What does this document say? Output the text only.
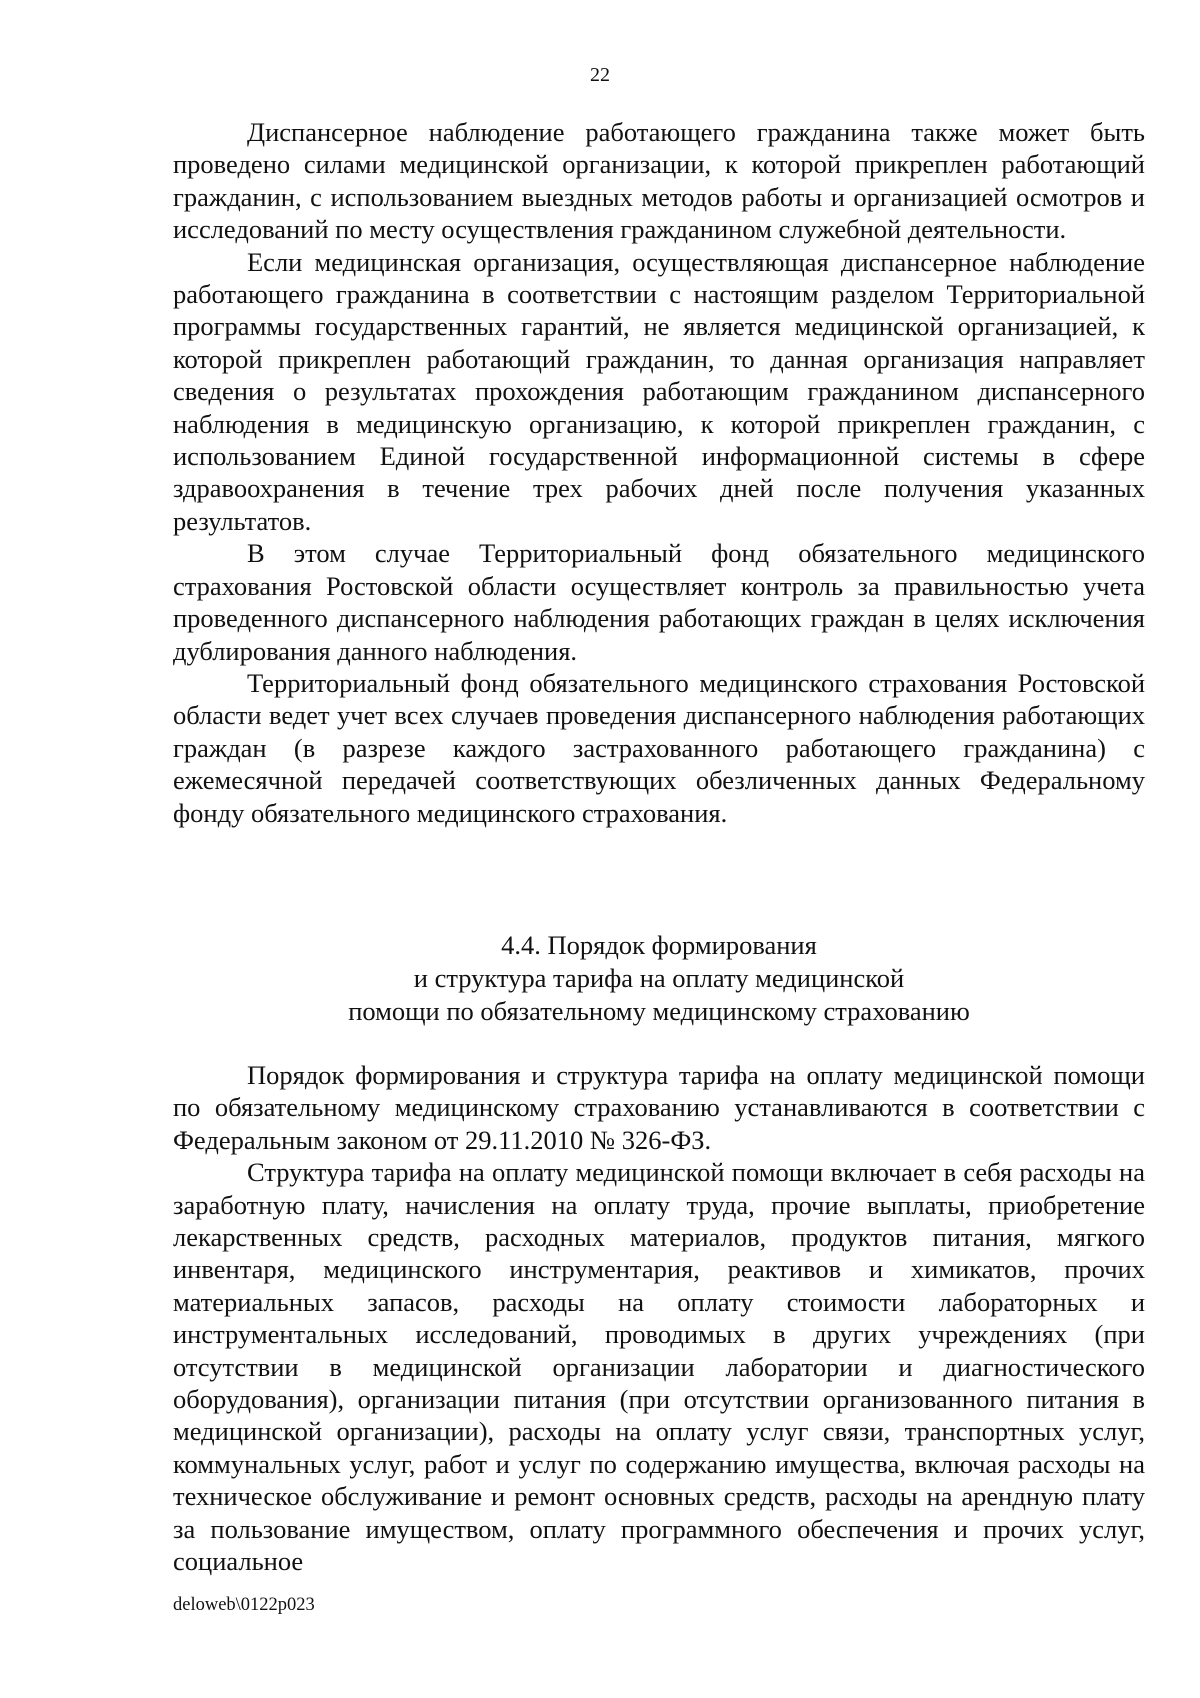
22

Диспансерное наблюдение работающего гражданина также может быть проведено силами медицинской организации, к которой прикреплен работающий гражданин, с использованием выездных методов работы и организацией осмотров и исследований по месту осуществления гражданином служебной деятельности.

Если медицинская организация, осуществляющая диспансерное наблюдение работающего гражданина в соответствии с настоящим разделом Территориальной программы государственных гарантий, не является медицинской организацией, к которой прикреплен работающий гражданин, то данная организация направляет сведения о результатах прохождения работающим гражданином диспансерного наблюдения в медицинскую организацию, к которой прикреплен гражданин, с использованием Единой государственной информационной системы в сфере здравоохранения в течение трех рабочих дней после получения указанных результатов.

В этом случае Территориальный фонд обязательного медицинского страхования Ростовской области осуществляет контроль за правильностью учета проведенного диспансерного наблюдения работающих граждан в целях исключения дублирования данного наблюдения.

Территориальный фонд обязательного медицинского страхования Ростовской области ведет учет всех случаев проведения диспансерного наблюдения работающих граждан (в разрезе каждого застрахованного работающего гражданина) с ежемесячной передачей соответствующих обезличенных данных Федеральному фонду обязательного медицинского страхования.

4.4. Порядок формирования
и структура тарифа на оплату медицинской
помощи по обязательному медицинскому страхованию

Порядок формирования и структура тарифа на оплату медицинской помощи по обязательному медицинскому страхованию устанавливаются в соответствии с Федеральным законом от 29.11.2010 № 326-ФЗ.

Структура тарифа на оплату медицинской помощи включает в себя расходы на заработную плату, начисления на оплату труда, прочие выплаты, приобретение лекарственных средств, расходных материалов, продуктов питания, мягкого инвентаря, медицинского инструментария, реактивов и химикатов, прочих материальных запасов, расходы на оплату стоимости лабораторных и инструментальных исследований, проводимых в других учреждениях (при отсутствии в медицинской организации лаборатории и диагностического оборудования), организации питания (при отсутствии организованного питания в медицинской организации), расходы на оплату услуг связи, транспортных услуг, коммунальных услуг, работ и услуг по содержанию имущества, включая расходы на техническое обслуживание и ремонт основных средств, расходы на арендную плату за пользование имуществом, оплату программного обеспечения и прочих услуг, социальное

deloweb\0122p023
